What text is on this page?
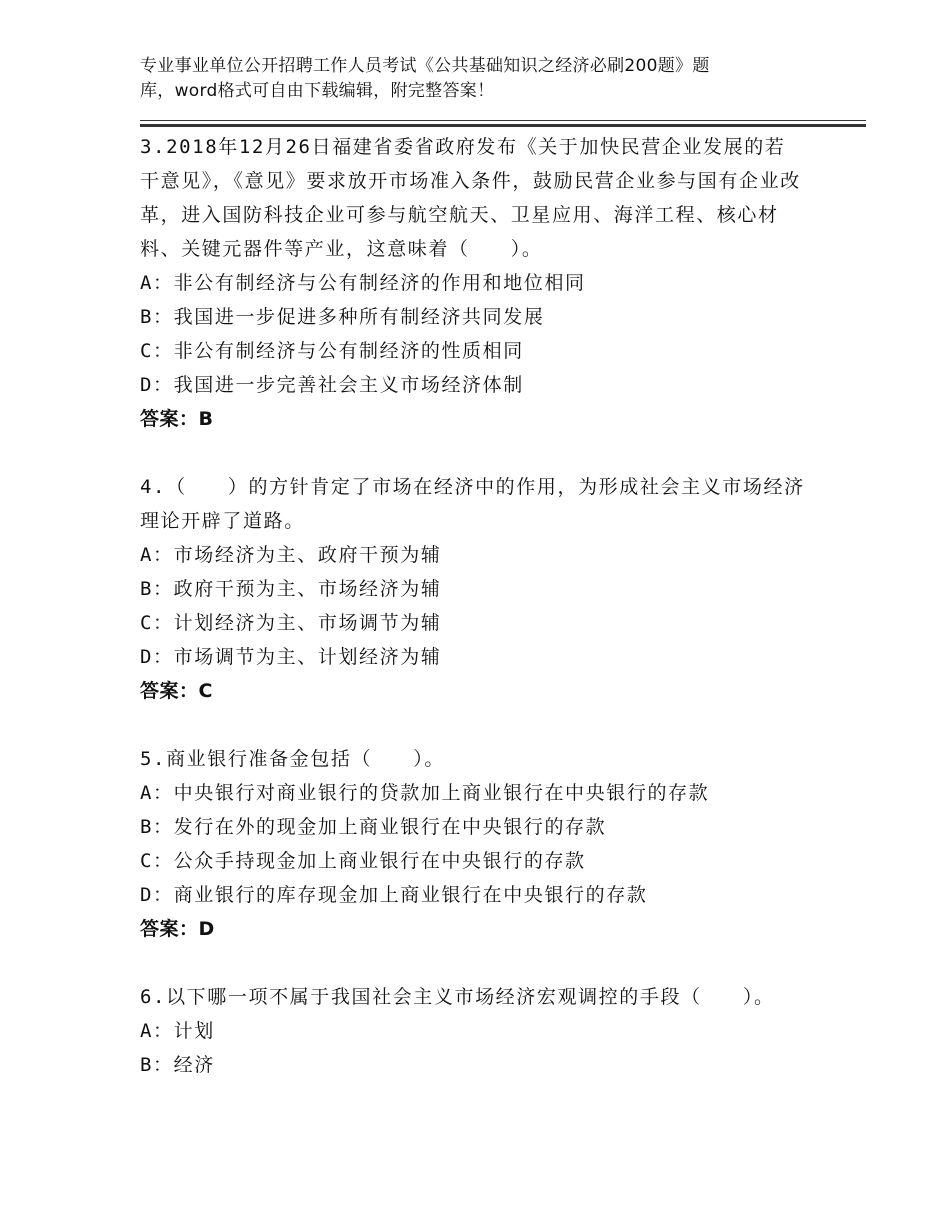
专业事业单位公开招聘工作人员考试《公共基础知识之经济必刷200题》题
库，word格式可自由下载编辑，附完整答案！

3.2018年12月26日福建省委省政府发布《关于加快民营企业发展的若干意见》，《意见》要求放开市场准入条件，鼓励民营企业参与国有企业改革，进入国防科技企业可参与航空航天、卫星应用、海洋工程、核心材料、关键元器件等产业，这意味着（　　）。

A：非公有制经济与公有制经济的作用和地位相同
B：我国进一步促进多种所有制经济共同发展
C：非公有制经济与公有制经济的性质相同
D：我国进一步完善社会主义市场经济体制
答案：B

4.（　　）的方针肯定了市场在经济中的作用，为形成社会主义市场经济理论开辟了道路。

A：市场经济为主、政府干预为辅
B：政府干预为主、市场经济为辅
C：计划经济为主、市场调节为辅
D：市场调节为主、计划经济为辅
答案：C

5.商业银行准备金包括（　　）。

A：中央银行对商业银行的贷款加上商业银行在中央银行的存款
B：发行在外的现金加上商业银行在中央银行的存款
C：公众手持现金加上商业银行在中央银行的存款
D：商业银行的库存现金加上商业银行在中央银行的存款
答案：D

6.以下哪一项不属于我国社会主义市场经济宏观调控的手段（　　）。

A：计划
B：经济
